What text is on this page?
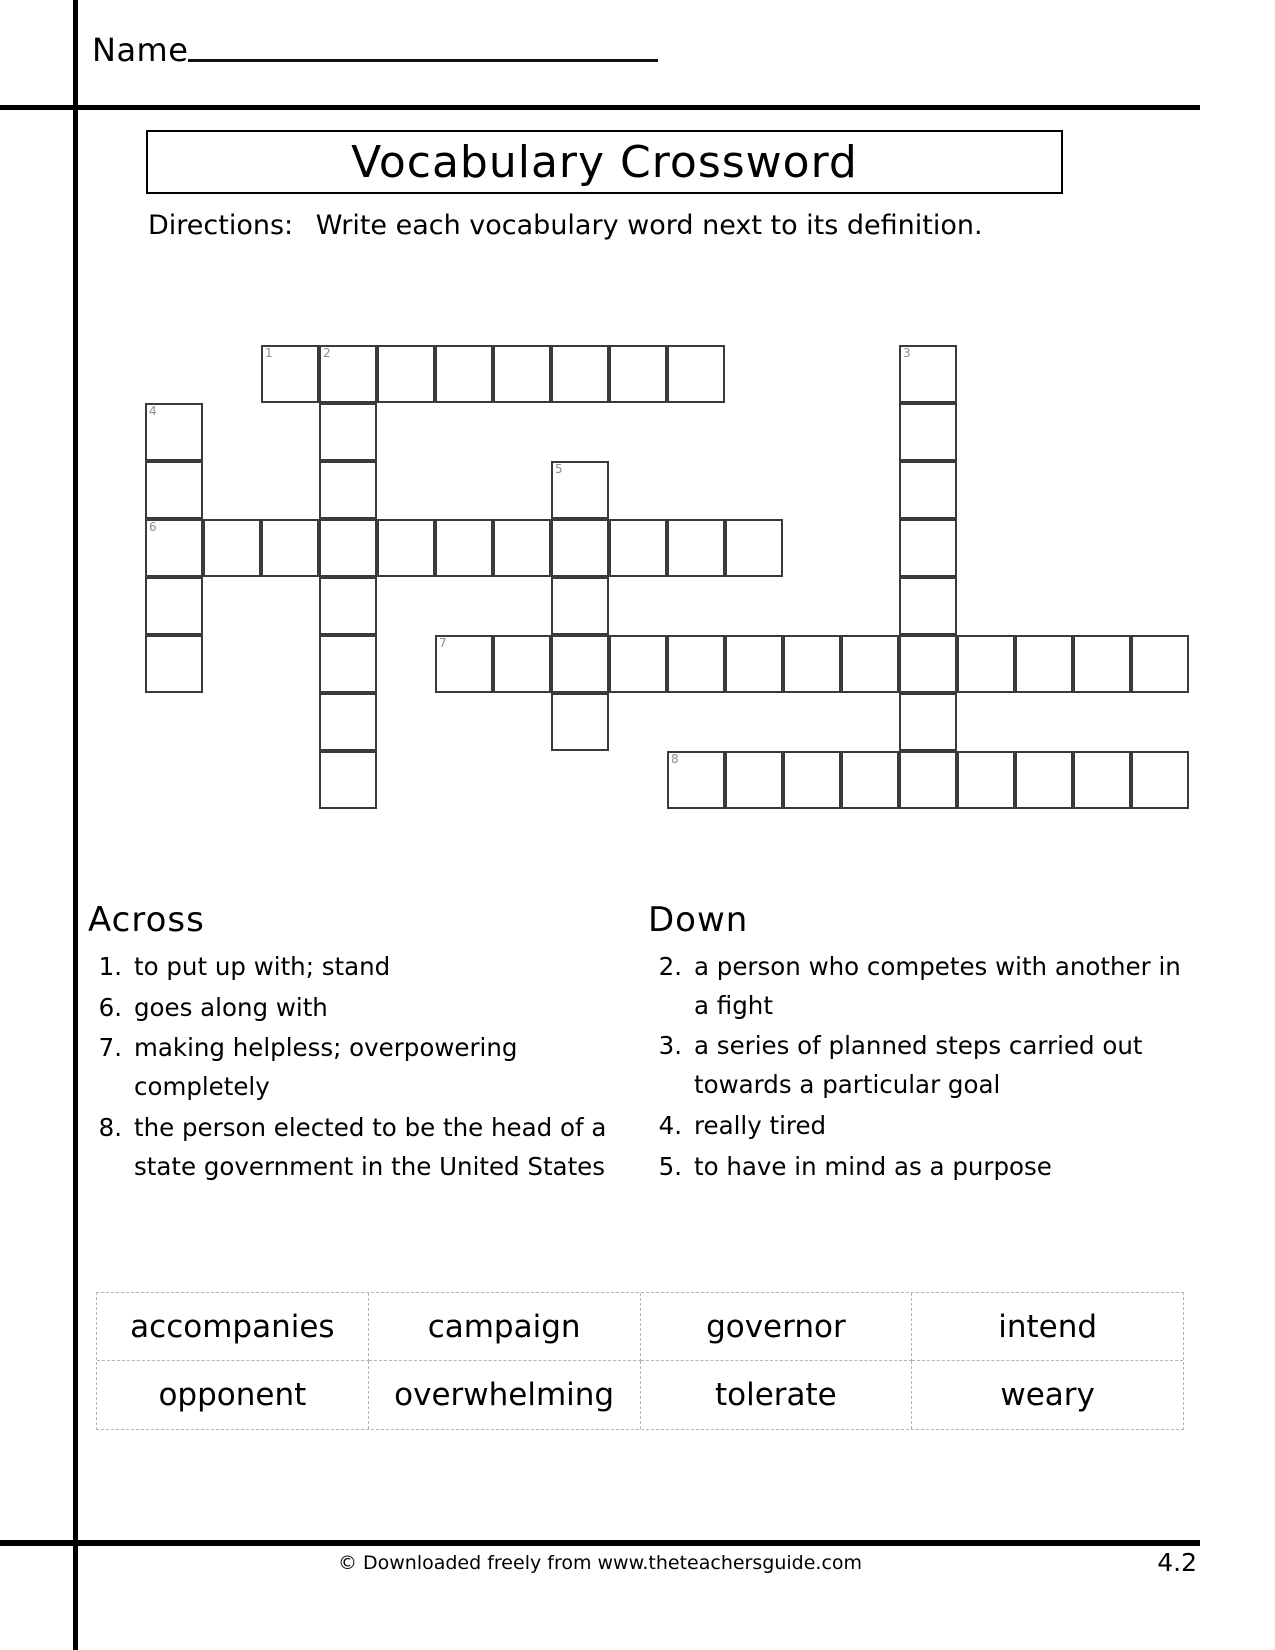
Name
Vocabulary Crossword
Directions: Write each vocabulary word next to its definition.
1	2	3
4
5
6
7
8
Across
1. to put up with; stand
6. goes along with
7. making helpless; overpowering completely
8. the person elected to be the head of a state government in the United States
Down
2. a person who competes with another in a fight
3. a series of planned steps carried out towards a particular goal
4. really tired
5. to have in mind as a purpose
accompanies	campaign	governor	intend
opponent	overwhelming	tolerate	weary
© Downloaded freely from www.theteachersguide.com	4.2
